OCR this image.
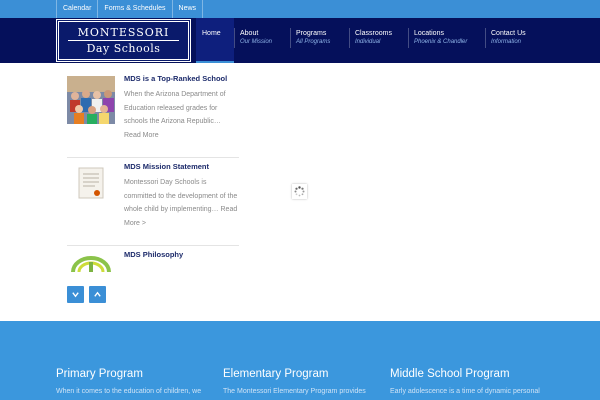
Calendar	Forms & Schedules	News
MONTESSORI
Day Schools
Home	About
Our Mission
Programs
All Programs
Classrooms
Individual
Locations
Phoenix & Chandler
Contact Us
Information
MDS is a Top-Ranked School
When the Arizona Department of Education released grades for schools the Arizona Republic… Read More
MDS Mission Statement
Montessori Day Schools is committed to the development of the whole child by implementing… Read More >
MDS Philosophy
Primary Program
When it comes to the education of children, we
Elementary Program
The Montessori Elementary Program provides
Middle School Program
Early adolescence is a time of dynamic personal
